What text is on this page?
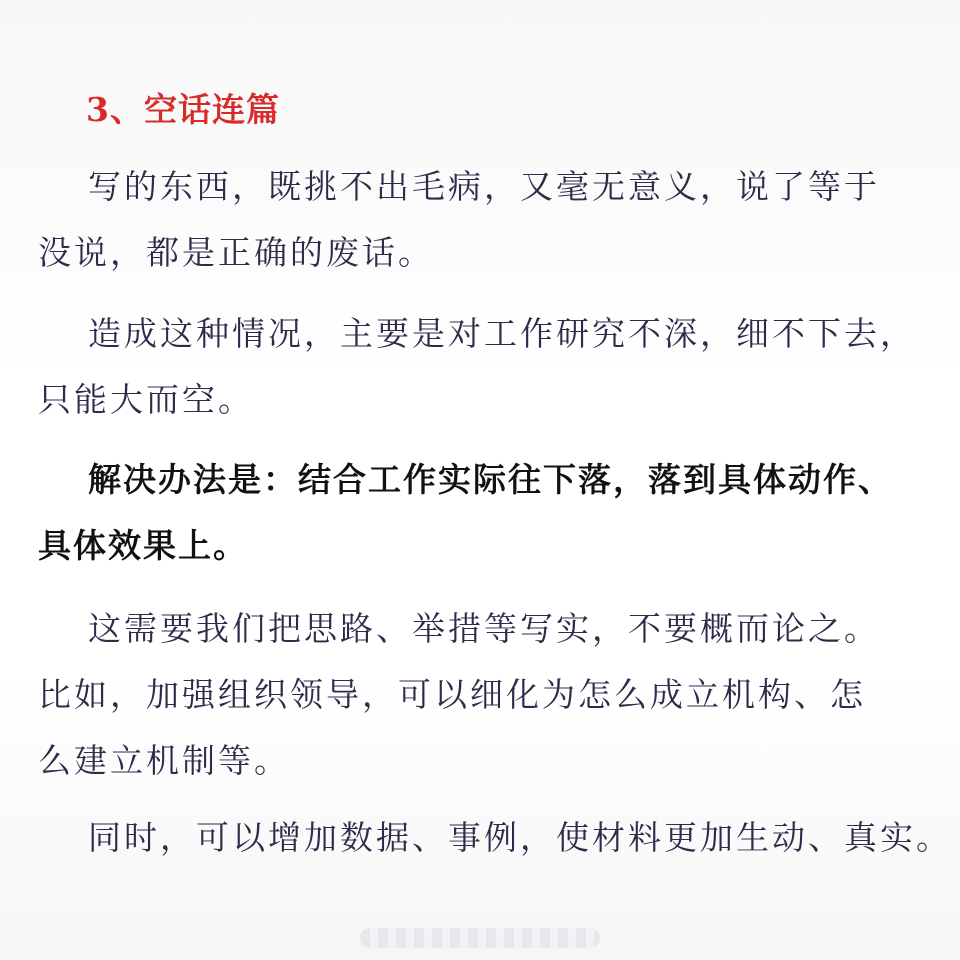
3、空话连篇
写的东西，既挑不出毛病，又毫无意义，说了等于
没说，都是正确的废话。
造成这种情况，主要是对工作研究不深，细不下去，
只能大而空。
解决办法是：结合工作实际往下落，落到具体动作、
具体效果上。
这需要我们把思路、举措等写实，不要概而论之。
比如，加强组织领导，可以细化为怎么成立机构、怎
么建立机制等。
同时，可以增加数据、事例，使材料更加生动、真实。
